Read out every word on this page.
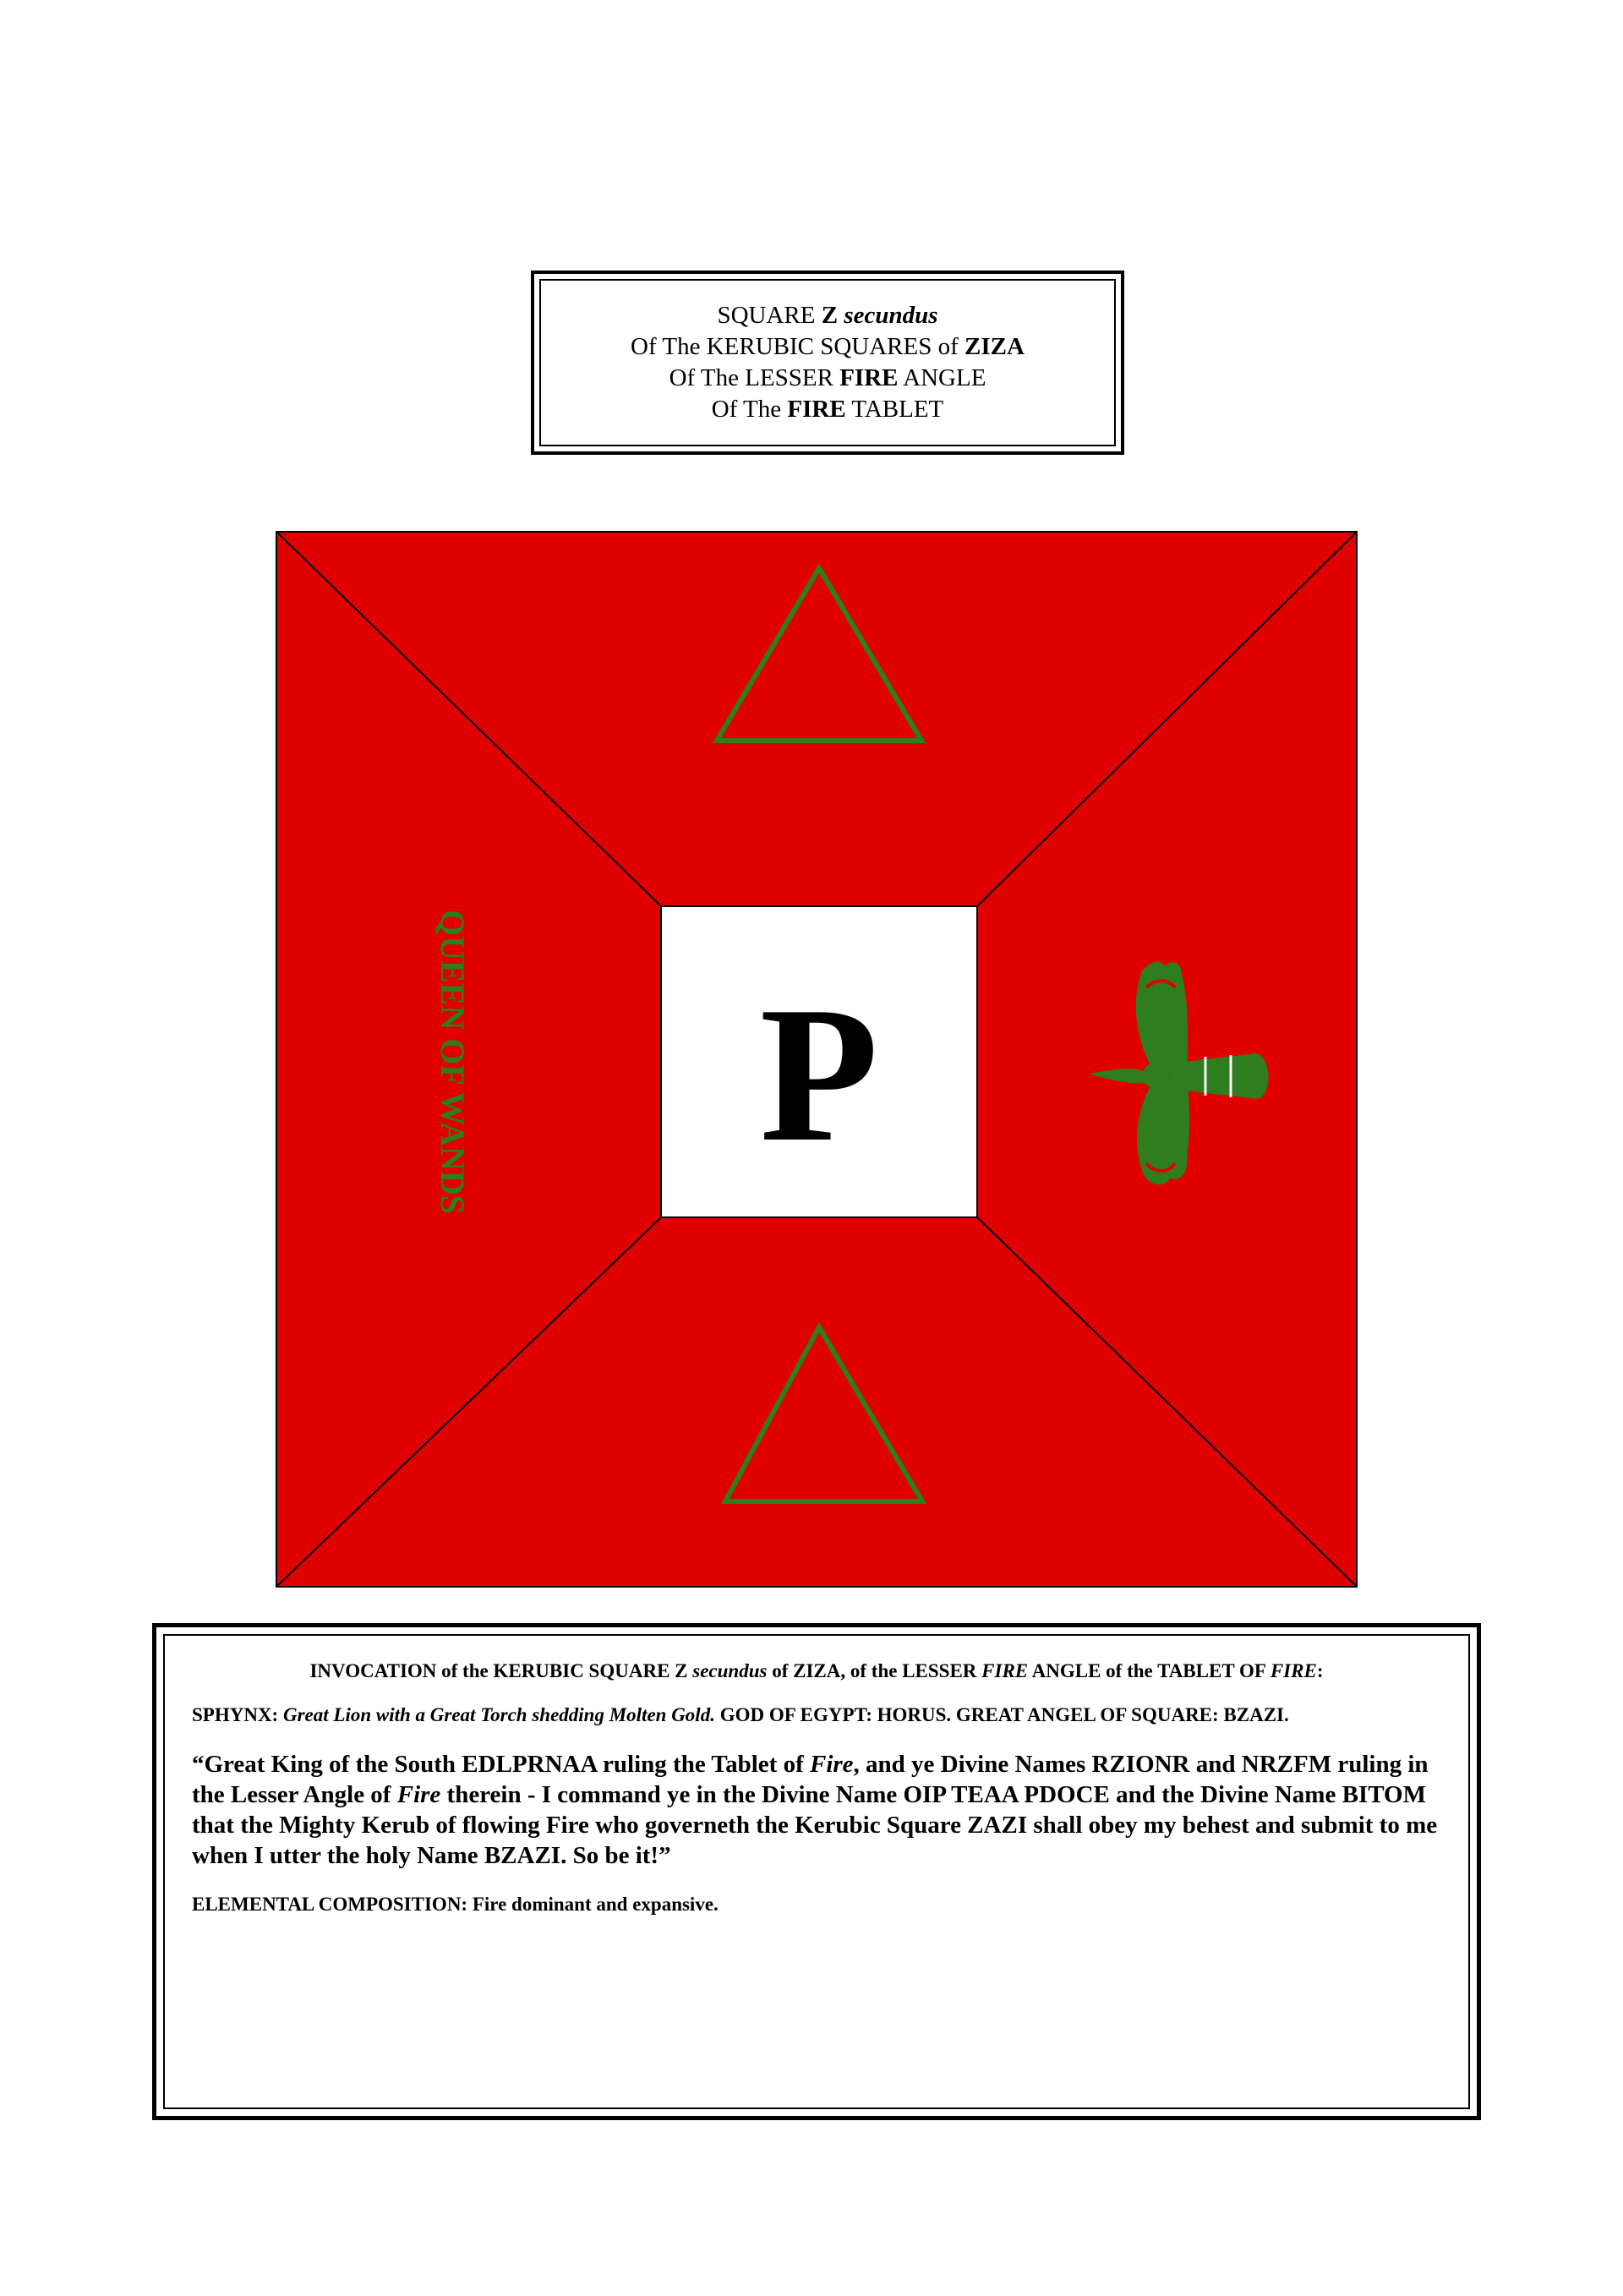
SQUARE Z secundus
Of The KERUBIC SQUARES of ZIZA
Of The LESSER FIRE ANGLE
Of The FIRE TABLET
P
QUEEN OF WANDS

INVOCATION of the KERUBIC SQUARE Z secundus of ZIZA, of the LESSER FIRE ANGLE of the TABLET OF FIRE:

SPHYNX: Great Lion with a Great Torch shedding Molten Gold. GOD OF EGYPT: HORUS. GREAT ANGEL OF SQUARE: BZAZI.

“Great King of the South EDLPRNAA ruling the Tablet of Fire, and ye Divine Names RZIONR and NRZFM ruling in the Lesser Angle of Fire therein - I command ye in the Divine Name OIP TEAA PDOCE and the Divine Name BITOM that the Mighty Kerub of flowing Fire who governeth the Kerubic Square ZAZI shall obey my behest and submit to me when I utter the holy Name BZAZI. So be it!”

ELEMENTAL COMPOSITION: Fire dominant and expansive.
